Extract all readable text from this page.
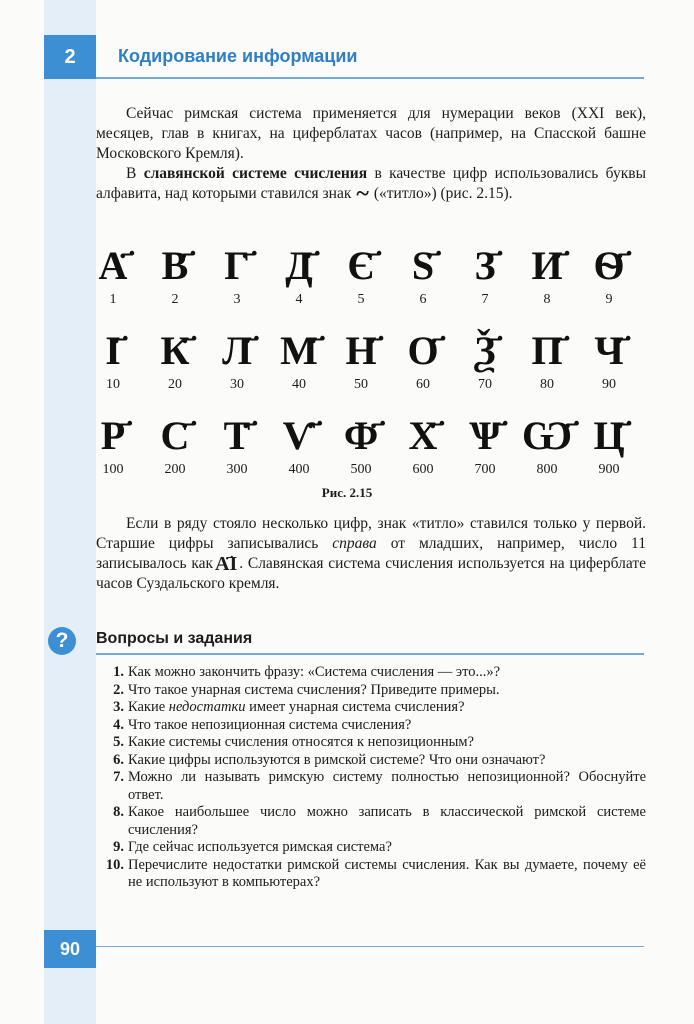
2 Кодирование информации

Сейчас римская система применяется для нумерации веков (XXI век), месяцев, глав в книгах, на циферблатах часов (например, на Спасской башне Московского Кремля).

В славянской системе счисления в качестве цифр использовались буквы алфавита, над которыми ставился знак ~ («титло») (рис. 2.15).

А҃
1
В҃
2
Г҃
3
Д҃
4
Є҃
5
Ѕ҃
6
З҃
7
И҃
8
Ѳ҃
9
І҃
10
К҃
20
Л҃
30
М҃
40
Н҃
50
О҃
60
Ѯ҃
70
П҃
80
Ч҃
90
Р҃
100
С҃
200
Т҃
300
Ѵ҃
400
Ф҃
500
Х҃
600
Ѱ҃
700
Ѡ҃
800
Ц҃
900
Рис. 2.15

Если в ряду стояло несколько цифр, знак «титло» ставился только у первой. Старшие цифры записывались справа от младших, например, число 11 записывалось как А҃І . Славянская система счисления используется на циферблате часов Суздальского кремля.

?	Вопросы и задания
1. Как можно закончить фразу: «Система счисления — это...»?
2. Что такое унарная система счисления? Приведите примеры.
3. Какие недостатки имеет унарная система счисления?
4. Что такое непозиционная система счисления?
5. Какие системы счисления относятся к непозиционным?
6. Какие цифры используются в римской системе? Что они означают?
7. Можно ли называть римскую систему полностью непозиционной? Обоснуйте ответ.
8. Какое наибольшее число можно записать в классической римской системе счисления?
9. Где сейчас используется римская система?
10. Перечислите недостатки римской системы счисления. Как вы думаете, почему её не используют в компьютерах?
90
